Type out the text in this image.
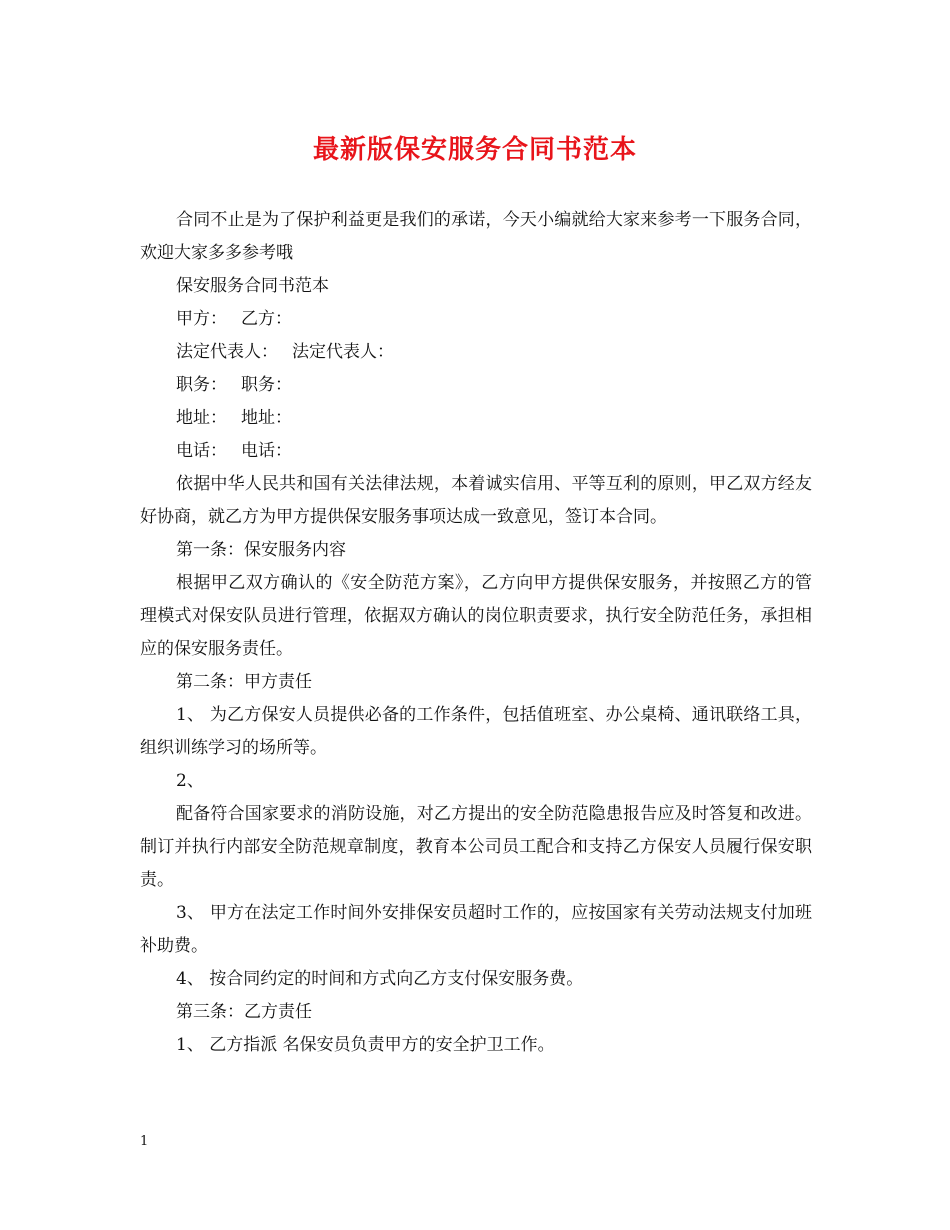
最新版保安服务合同书范本

合同不止是为了保护利益更是我们的承诺，今天小编就给大家来参考一下服务合同，欢迎大家多多参考哦

保安服务合同书范本

甲方： 乙方：

法定代表人： 法定代表人：

职务： 职务：

地址： 地址：

电话： 电话：

依据中华人民共和国有关法律法规，本着诚实信用、平等互利的原则，甲乙双方经友好协商，就乙方为甲方提供保安服务事项达成一致意见，签订本合同。

第一条：保安服务内容

根据甲乙双方确认的《安全防范方案》，乙方向甲方提供保安服务，并按照乙方的管理模式对保安队员进行管理，依据双方确认的岗位职责要求，执行安全防范任务，承担相应的保安服务责任。

第二条：甲方责任

1、 为乙方保安人员提供必备的工作条件，包括值班室、办公桌椅、通讯联络工具，组织训练学习的场所等。

2、

配备符合国家要求的消防设施，对乙方提出的安全防范隐患报告应及时答复和改进。制订并执行内部安全防范规章制度，教育本公司员工配合和支持乙方保安人员履行保安职责。

3、 甲方在法定工作时间外安排保安员超时工作的，应按国家有关劳动法规支付加班补助费。

4、 按合同约定的时间和方式向乙方支付保安服务费。

第三条：乙方责任

1、 乙方指派 名保安员负责甲方的安全护卫工作。

1
